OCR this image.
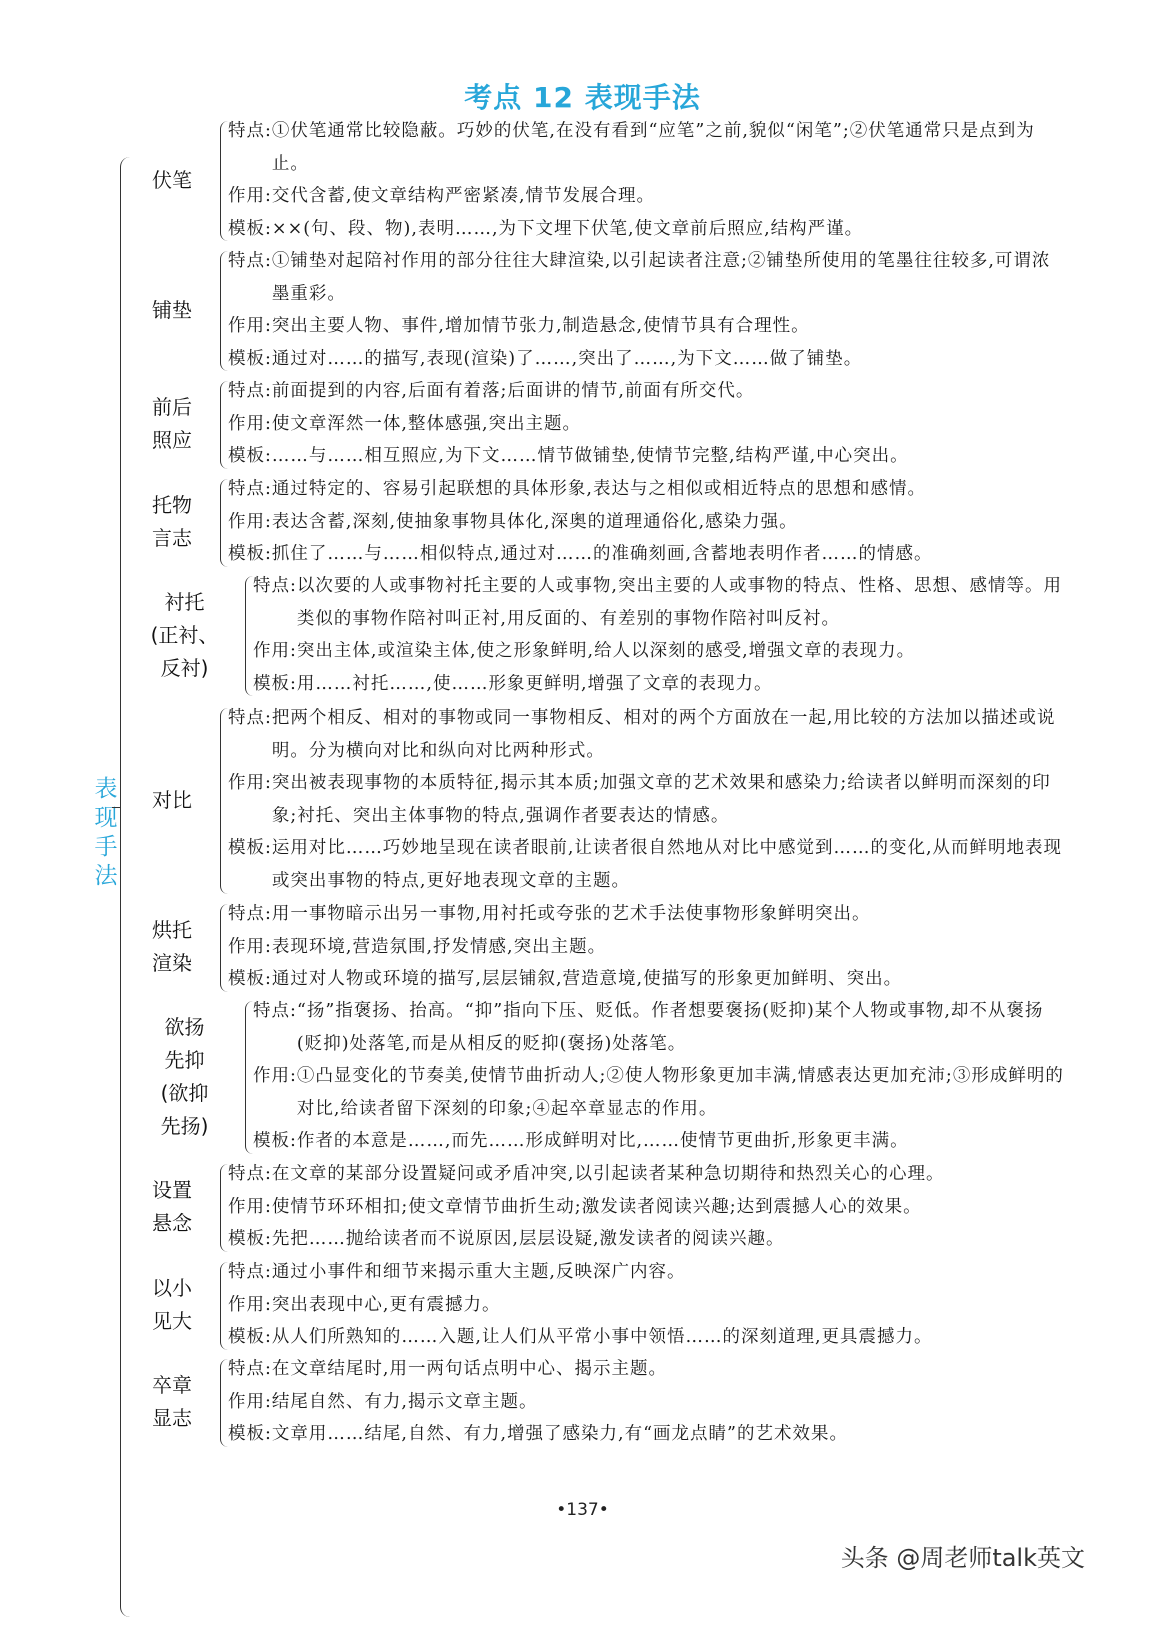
考点 12 表现手法
表现手法
特点: ①伏笔通常比较隐蔽。巧妙的伏笔,在没有看到“应笔”之前,貌似“闲笔”;②伏笔通常只是点到为止。
作用: 交代含蓄,使文章结构严密紧凑,情节发展合理。
模板: ××(句、段、物),表明……,为下文埋下伏笔,使文章前后照应,结构严谨。
伏笔
特点: ①铺垫对起陪衬作用的部分往往大肆渲染,以引起读者注意;②铺垫所使用的笔墨往往较多,可谓浓墨重彩。
作用: 突出主要人物、事件,增加情节张力,制造悬念,使情节具有合理性。
模板: 通过对……的描写,表现(渲染)了……,突出了……,为下文……做了铺垫。
铺垫
特点: 前面提到的内容,后面有着落;后面讲的情节,前面有所交代。
作用: 使文章浑然一体,整体感强,突出主题。
模板: ……与……相互照应,为下文……情节做铺垫,使情节完整,结构严谨,中心突出。
前后
照应
特点: 通过特定的、容易引起联想的具体形象,表达与之相似或相近特点的思想和感情。
作用: 表达含蓄,深刻,使抽象事物具体化,深奥的道理通俗化,感染力强。
模板: 抓住了……与……相似特点,通过对……的准确刻画,含蓄地表明作者……的情感。
托物
言志
特点: 以次要的人或事物衬托主要的人或事物,突出主要的人或事物的特点、性格、思想、感情等。用类似的事物作陪衬叫正衬,用反面的、有差别的事物作陪衬叫反衬。
作用: 突出主体,或渲染主体,使之形象鲜明,给人以深刻的感受,增强文章的表现力。
模板: 用……衬托……,使……形象更鲜明,增强了文章的表现力。
衬托
(正衬、
反衬)
特点: 把两个相反、相对的事物或同一事物相反、相对的两个方面放在一起,用比较的方法加以描述或说明。分为横向对比和纵向对比两种形式。
作用: 突出被表现事物的本质特征,揭示其本质;加强文章的艺术效果和感染力;给读者以鲜明而深刻的印象;衬托、突出主体事物的特点,强调作者要表达的情感。
模板: 运用对比……巧妙地呈现在读者眼前,让读者很自然地从对比中感觉到……的变化,从而鲜明地表现或突出事物的特点,更好地表现文章的主题。
对比
特点: 用一事物暗示出另一事物,用衬托或夸张的艺术手法使事物形象鲜明突出。
作用: 表现环境,营造氛围,抒发情感,突出主题。
模板: 通过对人物或环境的描写,层层铺叙,营造意境,使描写的形象更加鲜明、突出。
烘托
渲染
特点: “扬”指褒扬、抬高。“抑”指向下压、贬低。作者想要褒扬(贬抑)某个人物或事物,却不从褒扬(贬抑)处落笔,而是从相反的贬抑(褒扬)处落笔。
作用: ①凸显变化的节奏美,使情节曲折动人;②使人物形象更加丰满,情感表达更加充沛;③形成鲜明的对比,给读者留下深刻的印象;④起卒章显志的作用。
模板: 作者的本意是……,而先……形成鲜明对比,……使情节更曲折,形象更丰满。
欲扬
先抑
(欲抑
先扬)
特点: 在文章的某部分设置疑问或矛盾冲突,以引起读者某种急切期待和热烈关心的心理。
作用: 使情节环环相扣;使文章情节曲折生动;激发读者阅读兴趣;达到震撼人心的效果。
模板: 先把……抛给读者而不说原因,层层设疑,激发读者的阅读兴趣。
设置
悬念
特点: 通过小事件和细节来揭示重大主题,反映深广内容。
作用: 突出表现中心,更有震撼力。
模板: 从人们所熟知的……入题,让人们从平常小事中领悟……的深刻道理,更具震撼力。
以小
见大
特点: 在文章结尾时,用一两句话点明中心、揭示主题。
作用: 结尾自然、有力,揭示文章主题。
模板: 文章用……结尾,自然、有力,增强了感染力,有“画龙点睛”的艺术效果。
卒章
显志
•137•
头条 @周老师talk英文
